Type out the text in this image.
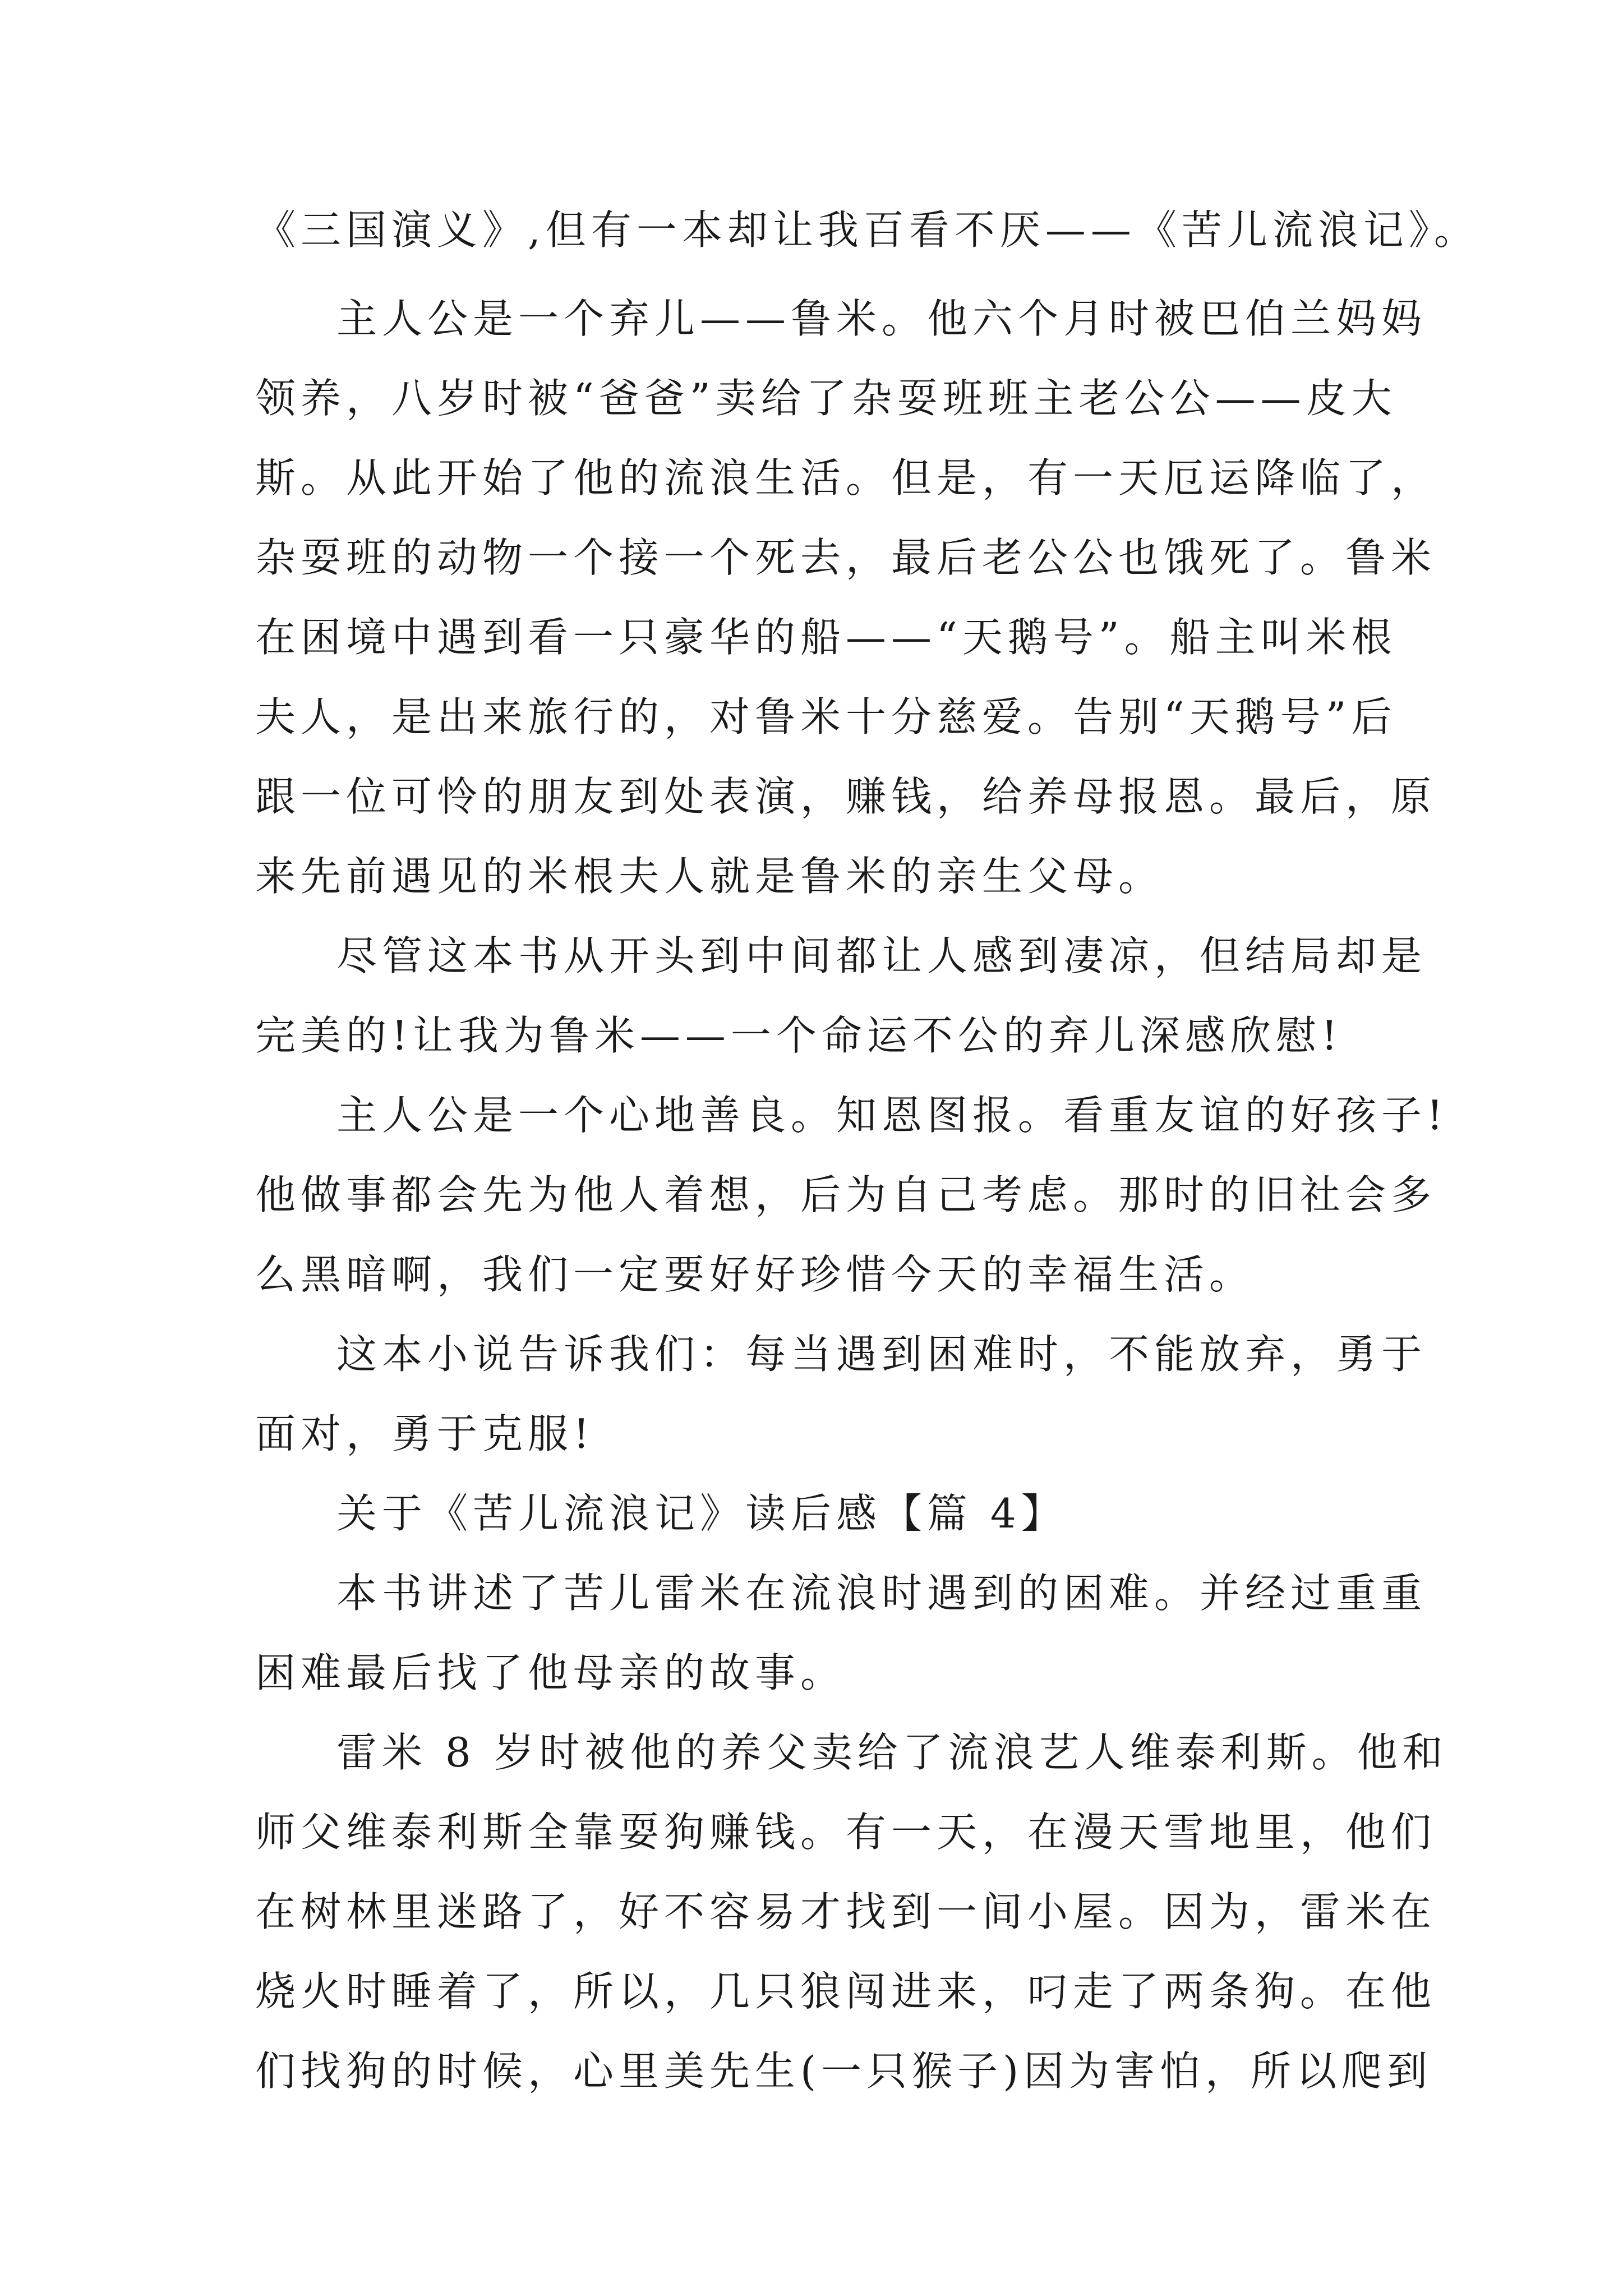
《三国演义》,但有一本却让我百看不厌——《苦儿流浪记》。
主人公是一个弃儿——鲁米。他六个月时被巴伯兰妈妈
领养，八岁时被“爸爸”卖给了杂耍班班主老公公——皮大
斯。从此开始了他的流浪生活。但是，有一天厄运降临了，
杂耍班的动物一个接一个死去，最后老公公也饿死了。鲁米
在困境中遇到看一只豪华的船——“天鹅号”。船主叫米根
夫人，是出来旅行的，对鲁米十分慈爱。告别“天鹅号”后
跟一位可怜的朋友到处表演，赚钱，给养母报恩。最后，原
来先前遇见的米根夫人就是鲁米的亲生父母。
尽管这本书从开头到中间都让人感到凄凉，但结局却是
完美的!让我为鲁米——一个命运不公的弃儿深感欣慰!
主人公是一个心地善良。知恩图报。看重友谊的好孩子!
他做事都会先为他人着想，后为自己考虑。那时的旧社会多
么黑暗啊，我们一定要好好珍惜今天的幸福生活。
这本小说告诉我们：每当遇到困难时，不能放弃，勇于
面对，勇于克服!
关于《苦儿流浪记》读后感【篇 4】
本书讲述了苦儿雷米在流浪时遇到的困难。并经过重重
困难最后找了他母亲的故事。
雷米 8 岁时被他的养父卖给了流浪艺人维泰利斯。他和
师父维泰利斯全靠耍狗赚钱。有一天，在漫天雪地里，他们
在树林里迷路了，好不容易才找到一间小屋。因为，雷米在
烧火时睡着了，所以，几只狼闯进来，叼走了两条狗。在他
们找狗的时候，心里美先生(一只猴子)因为害怕，所以爬到
